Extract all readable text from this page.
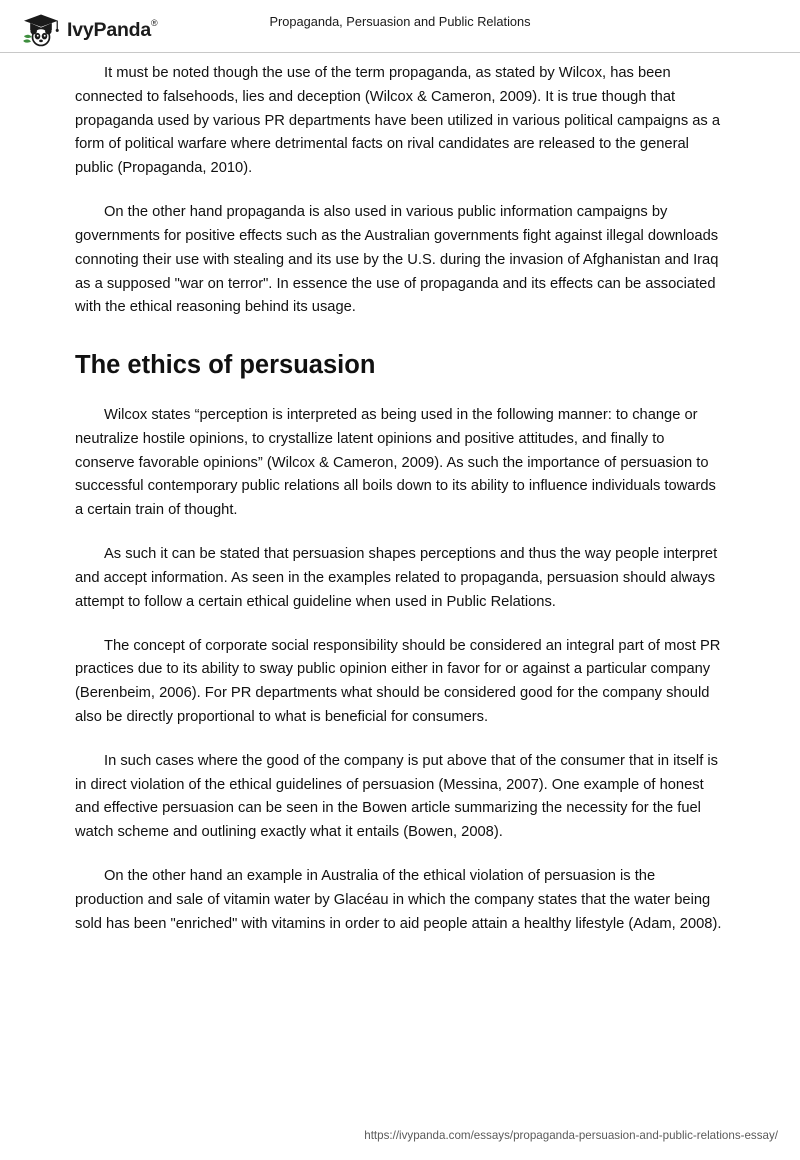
IvyPanda®	Propaganda, Persuasion and Public Relations

It must be noted though the use of the term propaganda, as stated by Wilcox, has been connected to falsehoods, lies and deception (Wilcox & Cameron, 2009). It is true though that propaganda used by various PR departments have been utilized in various political campaigns as a form of political warfare where detrimental facts on rival candidates are released to the general public (Propaganda, 2010).

On the other hand propaganda is also used in various public information campaigns by governments for positive effects such as the Australian governments fight against illegal downloads connoting their use with stealing and its use by the U.S. during the invasion of Afghanistan and Iraq as a supposed "war on terror". In essence the use of propaganda and its effects can be associated with the ethical reasoning behind its usage.

The ethics of persuasion

Wilcox states “perception is interpreted as being used in the following manner: to change or neutralize hostile opinions, to crystallize latent opinions and positive attitudes, and finally to conserve favorable opinions” (Wilcox & Cameron, 2009). As such the importance of persuasion to successful contemporary public relations all boils down to its ability to influence individuals towards a certain train of thought.

As such it can be stated that persuasion shapes perceptions and thus the way people interpret and accept information. As seen in the examples related to propaganda, persuasion should always attempt to follow a certain ethical guideline when used in Public Relations.

The concept of corporate social responsibility should be considered an integral part of most PR practices due to its ability to sway public opinion either in favor for or against a particular company (Berenbeim, 2006). For PR departments what should be considered good for the company should also be directly proportional to what is beneficial for consumers.

In such cases where the good of the company is put above that of the consumer that in itself is in direct violation of the ethical guidelines of persuasion (Messina, 2007). One example of honest and effective persuasion can be seen in the Bowen article summarizing the necessity for the fuel watch scheme and outlining exactly what it entails (Bowen, 2008).

On the other hand an example in Australia of the ethical violation of persuasion is the production and sale of vitamin water by Glacéau in which the company states that the water being sold has been "enriched" with vitamins in order to aid people attain a healthy lifestyle (Adam, 2008).

https://ivypanda.com/essays/propaganda-persuasion-and-public-relations-essay/
